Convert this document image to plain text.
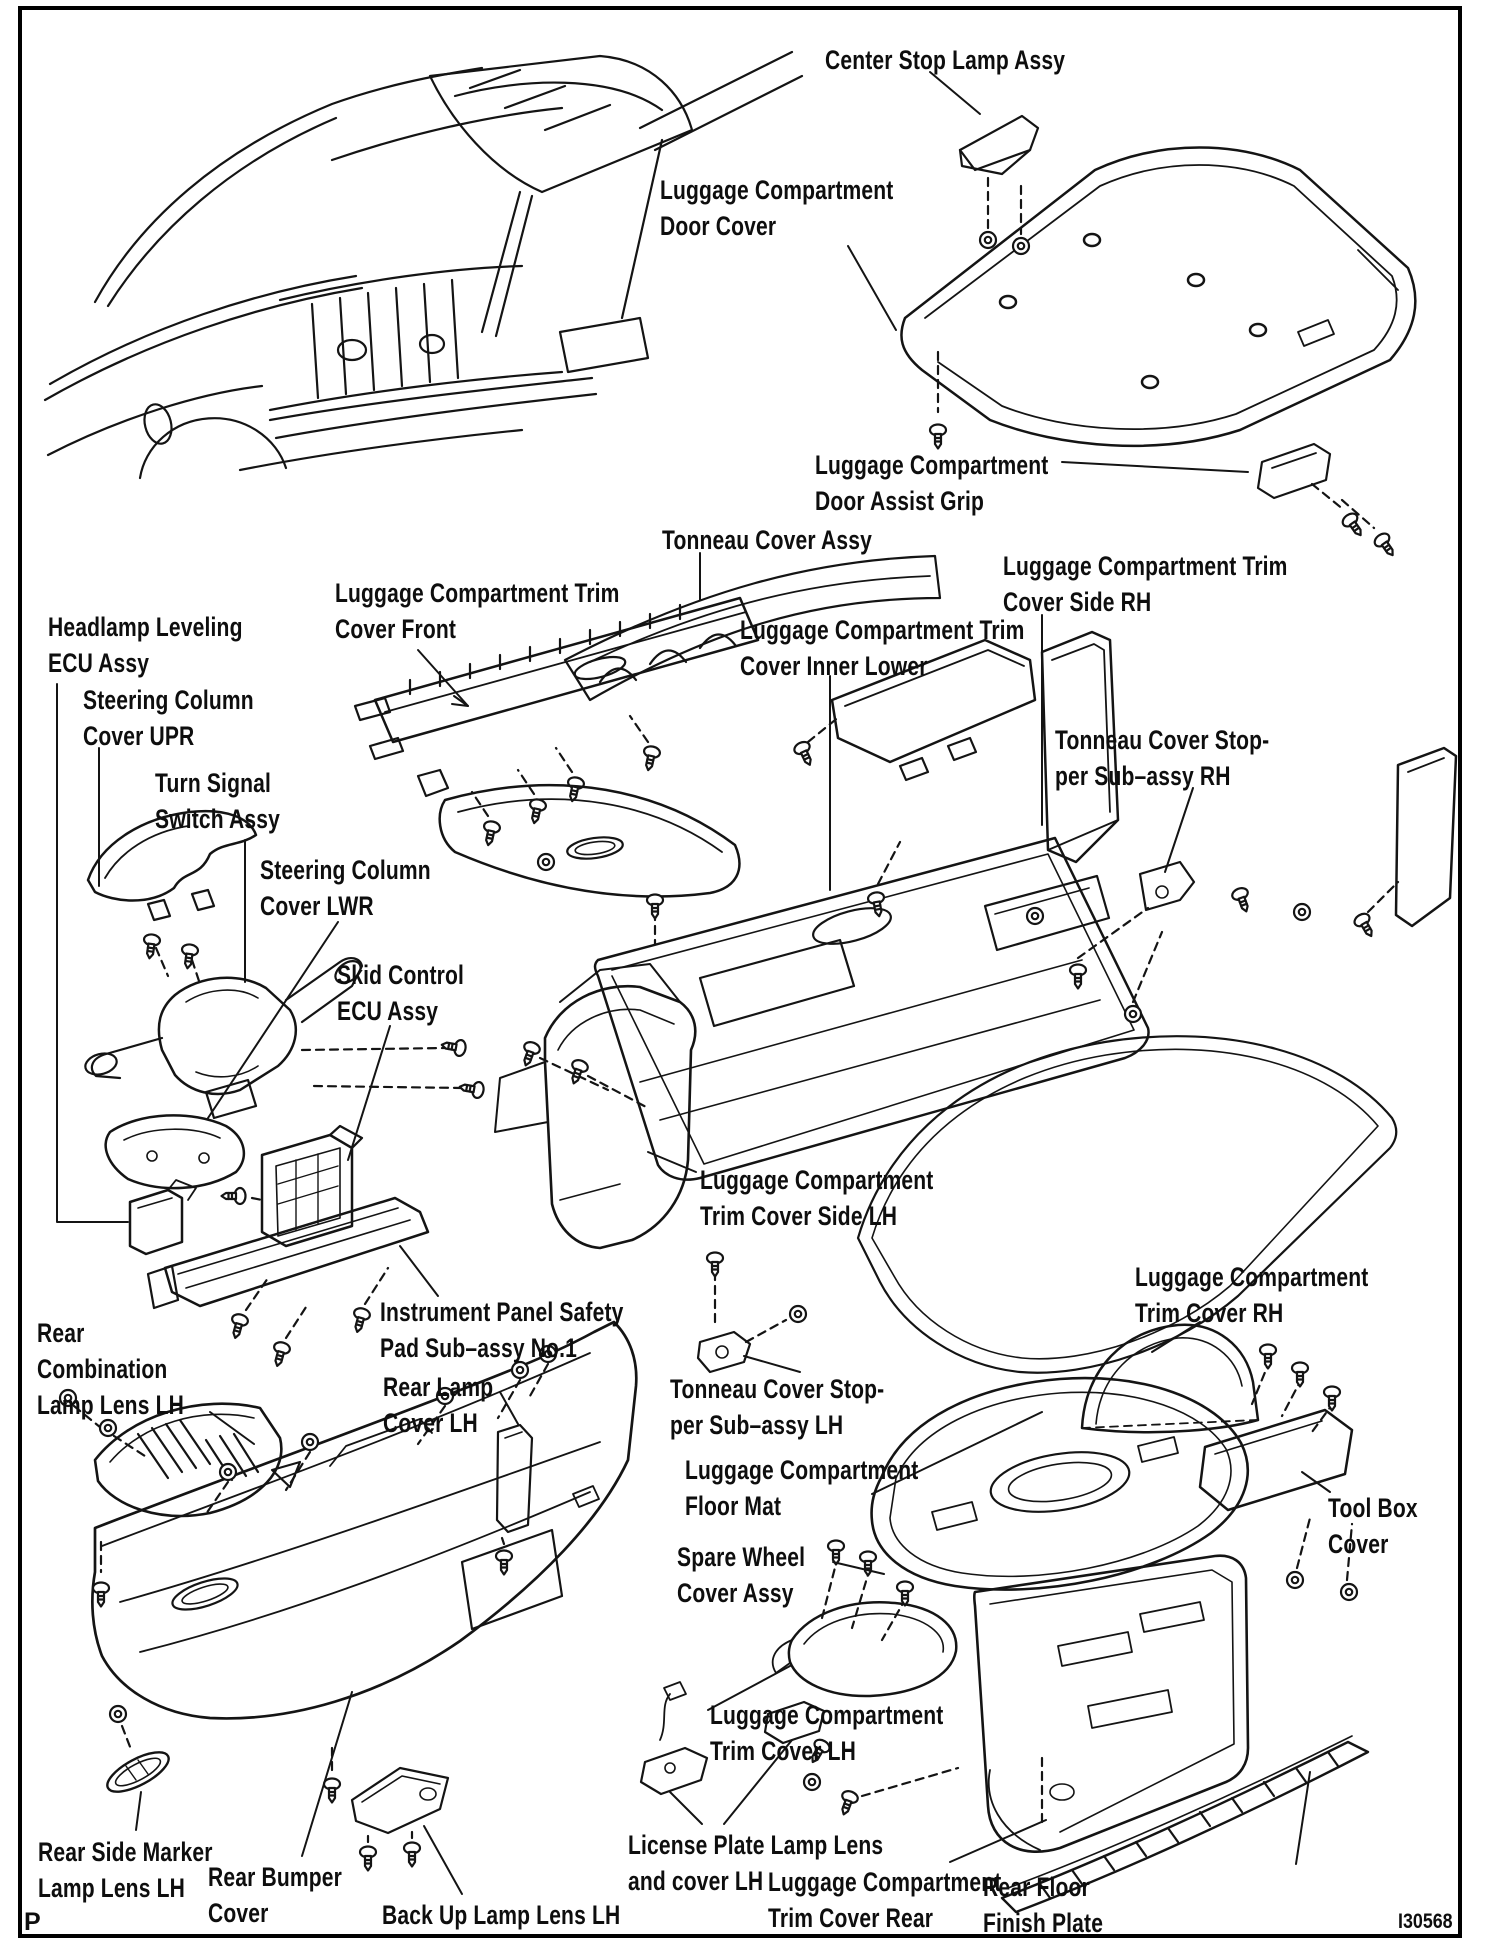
Center Stop Lamp Assy
Luggage Compartment
Door Cover
Luggage Compartment
Door Assist Grip
Tonneau Cover Assy
Luggage Compartment Trim
Cover Side RH
Luggage Compartment Trim
Cover Front
Headlamp Leveling
ECU Assy
Luggage Compartment Trim
Cover Inner Lower
Steering Column
Cover UPR	Tonneau Cover Stop-
per Sub–assy RH
Turn Signal
Switch Assy
Steering Column
Cover LWR
Skid Control
ECU Assy
Luggage Compartment
Trim Cover Side LH
Luggage Compartment
Trim Cover RH
Instrument Panel Safety
Pad Sub–assy No.1
Rear
Combination
Lamp Lens LH
Rear Lamp
Cover LH
Tonneau Cover Stop-
per Sub–assy LH
Luggage Compartment
Floor Mat	Tool Box
Cover
Spare Wheel
Cover Assy
Luggage Compartment
Trim Cover LH
Rear Side Marker
Lamp Lens LH Rear Bumper
Cover	Back Up Lamp Lens LH
License Plate Lamp Lens
and cover LH Luggage Compartment
Trim Cover Rear
Rear Floor
Finish Plate
P	I30568
